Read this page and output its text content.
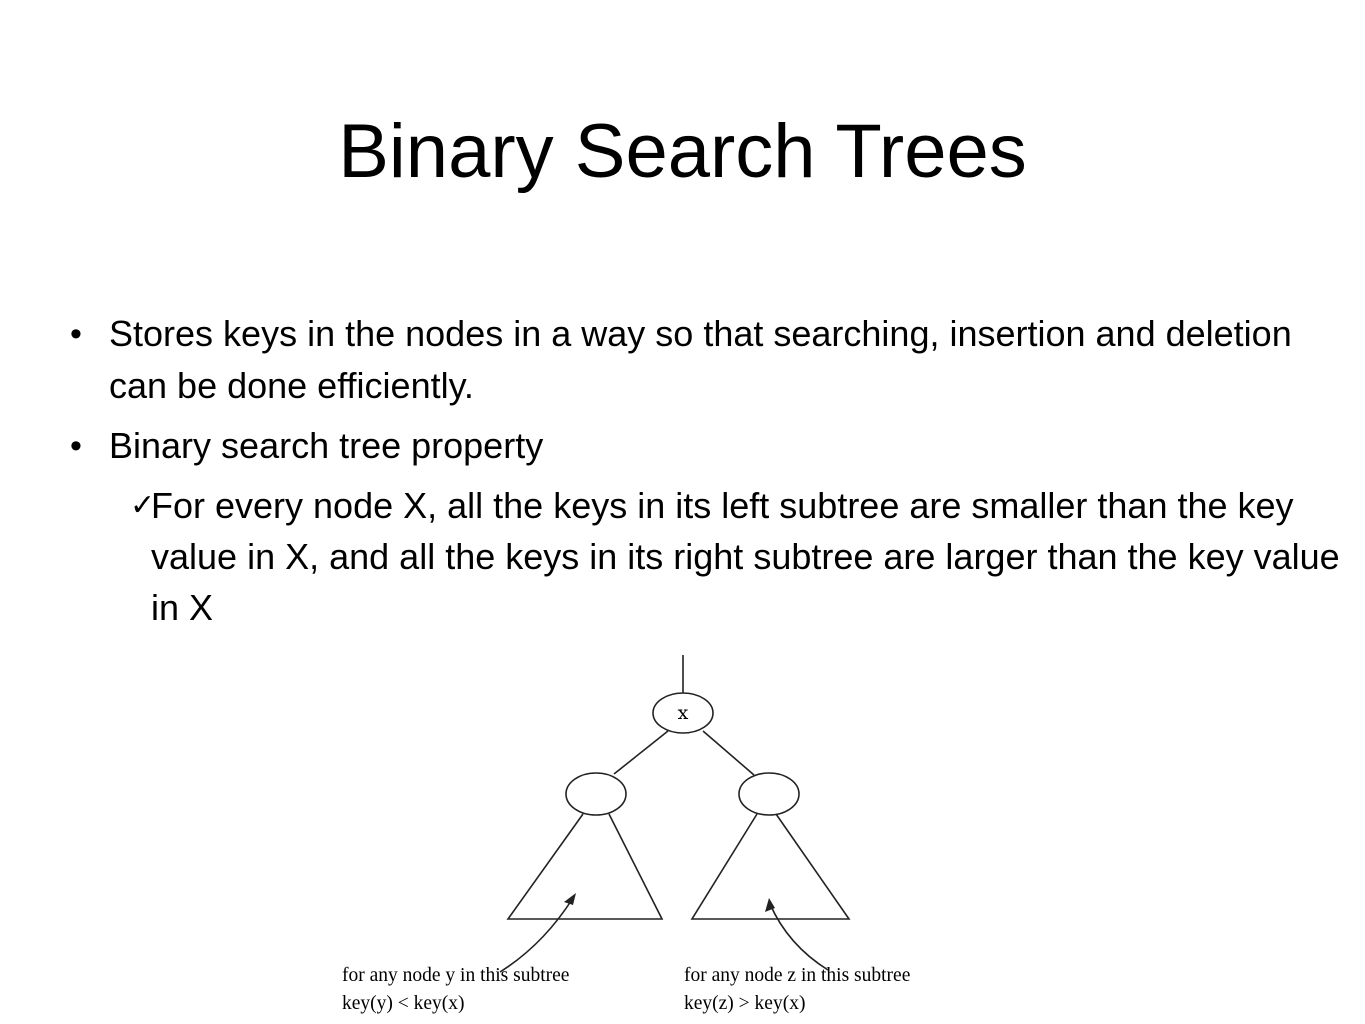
Binary Search Trees
• Stores keys in the nodes in a way so that searching, insertion and deletion can be done efficiently.
• Binary search tree property
✓
For every node X, all the keys in its left subtree are smaller than the key value in X, and all the keys in its right subtree are larger than the key value in X
x
for any node y in this subtree
key(y) < key(x)
for any node z in this subtree
key(z) > key(x)
